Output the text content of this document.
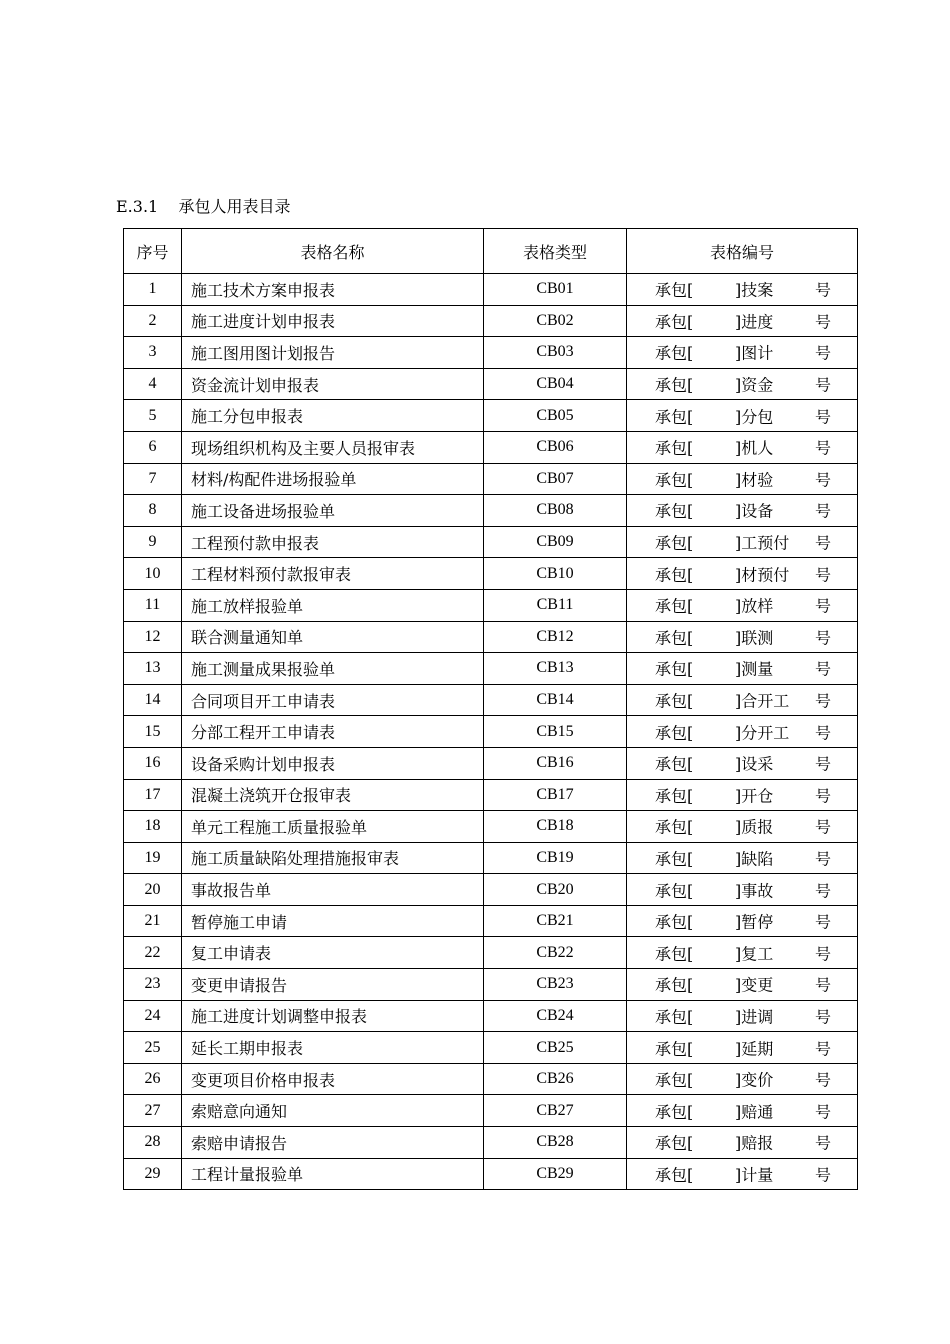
E.3.1    承包人用表目录
序号	表格名称	表格类型	表格编号
1	施工技术方案申报表	CB01	承包[ ]技案 号

2	施工进度计划申报表	CB02	承包[ ]进度 号

3	施工图用图计划报告	CB03	承包[ ]图计 号

4	资金流计划申报表	CB04	承包[ ]资金 号

5	施工分包申报表	CB05	承包[ ]分包 号

6	现场组织机构及主要人员报审表	CB06	承包[ ]机人 号

7	材料/构配件进场报验单	CB07	承包[ ]材验 号

8	施工设备进场报验单	CB08	承包[ ]设备 号

9	工程预付款申报表	CB09	承包[ ]工预付 号

10	工程材料预付款报审表	CB10	承包[ ]材预付 号

11	施工放样报验单	CB11	承包[ ]放样 号

12	联合测量通知单	CB12	承包[ ]联测 号

13	施工测量成果报验单	CB13	承包[ ]测量 号

14	合同项目开工申请表	CB14	承包[ ]合开工 号

15	分部工程开工申请表	CB15	承包[ ]分开工 号

16	设备采购计划申报表	CB16	承包[ ]设采 号

17	混凝土浇筑开仓报审表	CB17	承包[ ]开仓 号

18	单元工程施工质量报验单	CB18	承包[ ]质报 号

19	施工质量缺陷处理措施报审表	CB19	承包[ ]缺陷 号

20	事故报告单	CB20	承包[ ]事故 号

21	暂停施工申请	CB21	承包[ ]暂停 号

22	复工申请表	CB22	承包[ ]复工 号

23	变更申请报告	CB23	承包[ ]变更 号

24	施工进度计划调整申报表	CB24	承包[ ]进调 号

25	延长工期申报表	CB25	承包[ ]延期 号

26	变更项目价格申报表	CB26	承包[ ]变价 号

27	索赔意向通知	CB27	承包[ ]赔通 号

28	索赔申请报告	CB28	承包[ ]赔报 号

29	工程计量报验单	CB29	承包[ ]计量 号
